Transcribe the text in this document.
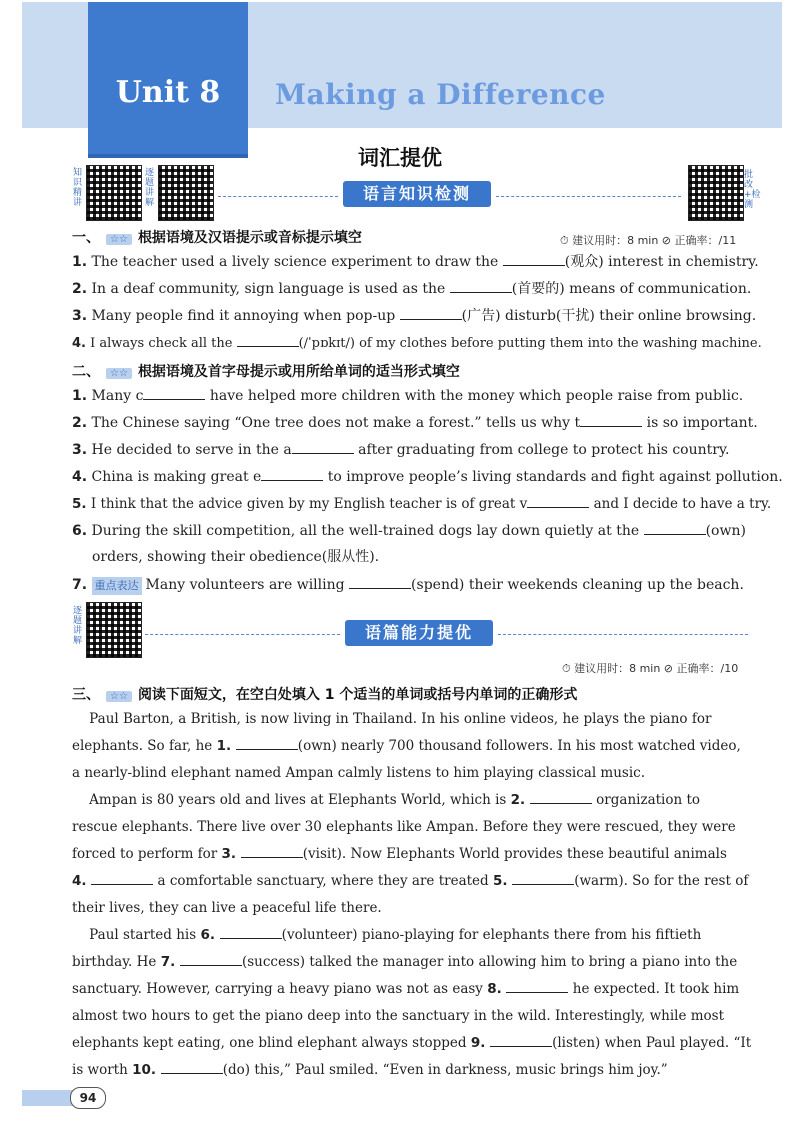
Unit 8	Making a Difference
词汇提优
知识精讲
逐题讲解
批改+检测
语言知识检测
一、 ☆☆ 根据语境及汉语提示或音标提示填空	⏱ 建议用时：8 min ⊘ 正确率：/11
1. The teacher used a lively science experiment to draw the	(观众) interest in chemistry.
2. In a deaf community, sign language is used as the	(首要的) means of communication.
3. Many people find it annoying when pop-up	(广告) disturb(干扰) their online browsing.
4. I always check all the	(/ˈpɒkɪt/) of my clothes before putting them into the washing machine.
二、 ☆☆ 根据语境及首字母提示或用所给单词的适当形式填空
1. Many c	have helped more children with the money which people raise from public.
2. The Chinese saying “One tree does not make a forest.” tells us why t	is so important.
3. He decided to serve in the a	after graduating from college to protect his country.
4. China is making great e	to improve people’s living standards and fight against pollution.
5. I think that the advice given by my English teacher is of great v	and I decide to have a try.
6. During the skill competition, all the well-trained dogs lay down quietly at the	(own)
orders, showing their obedience(服从性).
7. 重点表达 Many volunteers are willing	(spend) their weekends cleaning up the beach.
逐题讲解	语篇能力提优
⏱ 建议用时：8 min ⊘ 正确率：/10
三、 ☆☆ 阅读下面短文，在空白处填入 1 个适当的单词或括号内单词的正确形式
Paul Barton, a British, is now living in Thailand. In his online videos, he plays the piano for
elephants. So far, he 1.	(own) nearly 700 thousand followers. In his most watched video,
a nearly-blind elephant named Ampan calmly listens to him playing classical music.
Ampan is 80 years old and lives at Elephants World, which is 2.	organization to
rescue elephants. There live over 30 elephants like Ampan. Before they were rescued, they were
forced to perform for 3.	(visit). Now Elephants World provides these beautiful animals
4.	a comfortable sanctuary, where they are treated 5.	(warm). So for the rest of
their lives, they can live a peaceful life there.
Paul started his 6.	(volunteer) piano-playing for elephants there from his fiftieth
birthday. He 7.	(success) talked the manager into allowing him to bring a piano into the
sanctuary. However, carrying a heavy piano was not as easy 8.	he expected. It took him
almost two hours to get the piano deep into the sanctuary in the wild. Interestingly, while most
elephants kept eating, one blind elephant always stopped 9.	(listen) when Paul played. “It
is worth 10.	(do) this,” Paul smiled. “Even in darkness, music brings him joy.”
94
